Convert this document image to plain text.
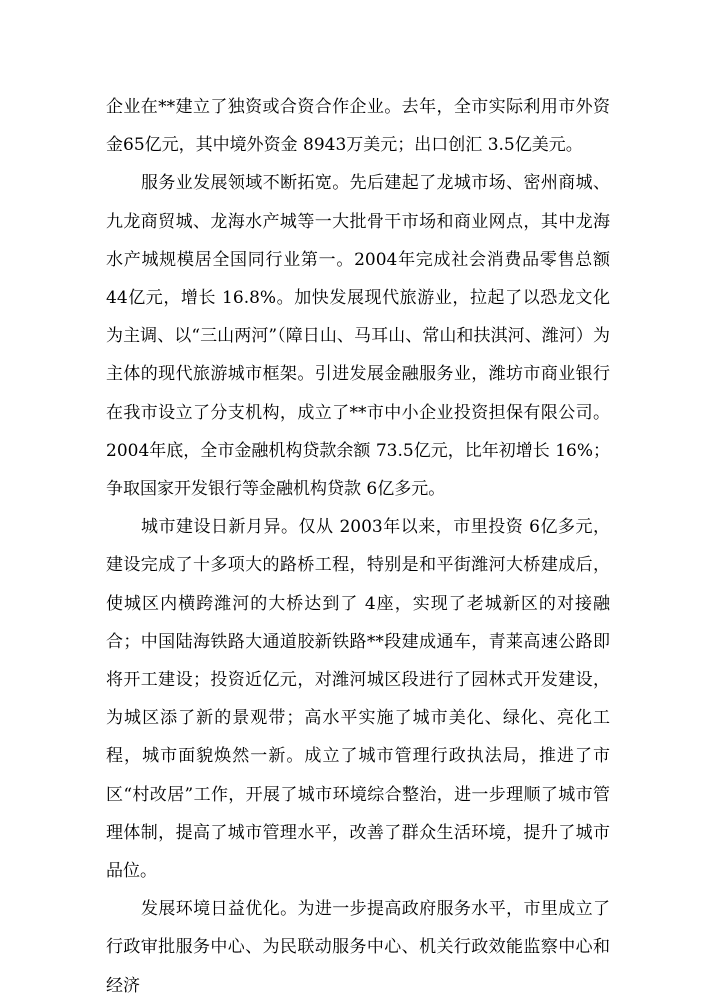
企业在**建立了独资或合资合作企业。去年，全市实际利用市外资金65亿元，其中境外资金 8943万美元；出口创汇 3.5亿美元。

服务业发展领域不断拓宽。先后建起了龙城市场、密州商城、九龙商贸城、龙海水产城等一大批骨干市场和商业网点，其中龙海水产城规模居全国同行业第一。2004年完成社会消费品零售总额 44亿元，增长 16.8%。加快发展现代旅游业，拉起了以恐龙文化为主调、以“三山两河”（障日山、马耳山、常山和扶淇河、潍河）为主体的现代旅游城市框架。引进发展金融服务业，潍坊市商业银行在我市设立了分支机构，成立了**市中小企业投资担保有限公司。2004年底，全市金融机构贷款余额 73.5亿元，比年初增长 16%；争取国家开发银行等金融机构贷款 6亿多元。

城市建设日新月异。仅从 2003年以来，市里投资 6亿多元，建设完成了十多项大的路桥工程，特别是和平街潍河大桥建成后，使城区内横跨潍河的大桥达到了 4座，实现了老城新区的对接融合；中国陆海铁路大通道胶新铁路**段建成通车，青莱高速公路即将开工建设；投资近亿元，对潍河城区段进行了园林式开发建设，为城区添了新的景观带；高水平实施了城市美化、绿化、亮化工程，城市面貌焕然一新。成立了城市管理行政执法局，推进了市区“村改居”工作，开展了城市环境综合整治，进一步理顺了城市管理体制，提高了城市管理水平，改善了群众生活环境，提升了城市品位。

发展环境日益优化。为进一步提高政府服务水平，市里成立了行政审批服务中心、为民联动服务中心、机关行政效能监察中心和经济
